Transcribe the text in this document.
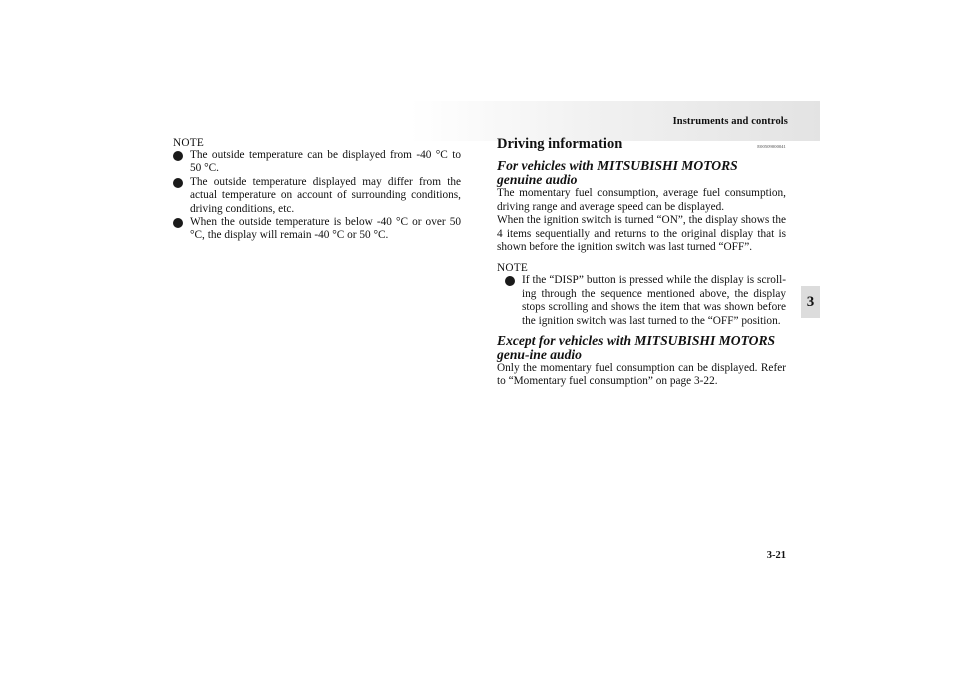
Instruments and controls
3
NOTE
The outside temperature can be displayed from -40 °C to 50 °C.
The outside temperature displayed may differ from the actual temperature on account of surrounding conditions, driving conditions, etc.
When the outside temperature is below -40 °C or over 50 °C, the display will remain -40 °C or 50 °C.
Driving information	E00509000041
For vehicles with MITSUBISHI MOTORS genuine audio

The momentary fuel consumption, average fuel consumption, driving range and average speed can be displayed.

When the ignition switch is turned “ON”, the display shows the 4 items sequentially and returns to the original display that is shown before the ignition switch was last turned “OFF”.

NOTE
If the “DISP” button is pressed while the display is scroll-ing through the sequence mentioned above, the display stops scrolling and shows the item that was shown before the ignition switch was last turned to the “OFF” position.
Except for vehicles with MITSUBISHI MOTORS genu-ine audio

Only the momentary fuel consumption can be displayed. Refer to “Momentary fuel consumption” on page 3-22.

3-21
